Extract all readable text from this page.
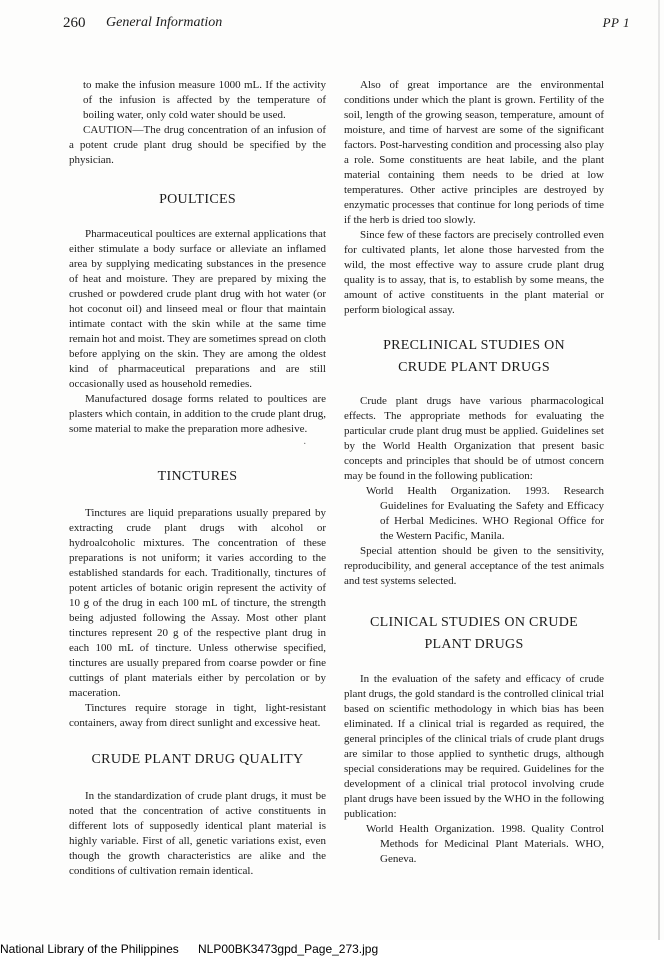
260 General Information	PP 1

to make the infusion measure 1000 mL. If the activity of the infusion is affected by the temperature of boiling water, only cold water should be used.

CAUTION—The drug concentration of an infusion of a potent crude plant drug should be specified by the physician.

POULTICES

Pharmaceutical poultices are external applications that either stimulate a body surface or alleviate an inflamed area by supplying medicating substances in the presence of heat and moisture. They are prepared by mixing the crushed or powdered crude plant drug with hot water (or hot coconut oil) and linseed meal or flour that maintain intimate contact with the skin while at the same time remain hot and moist. They are sometimes spread on cloth before applying on the skin. They are among the oldest kind of pharmaceutical preparations and are still occasionally used as household remedies.

Manufactured dosage forms related to poultices are plasters which contain, in addition to the crude plant drug, some material to make the preparation more adhesive.

.
TINCTURES

Tinctures are liquid preparations usually prepared by extracting crude plant drugs with alcohol or hydroalcoholic mixtures. The concentration of these preparations is not uniform; it varies according to the established standards for each. Traditionally, tinctures of potent articles of botanic origin represent the activity of 10 g of the drug in each 100 mL of tincture, the strength being adjusted following the Assay. Most other plant tinctures represent 20 g of the respective plant drug in each 100 mL of tincture. Unless otherwise specified, tinctures are usually prepared from coarse powder or fine cuttings of plant materials either by percolation or by maceration.

Tinctures require storage in tight, light-resistant containers, away from direct sunlight and excessive heat.

CRUDE PLANT DRUG QUALITY

In the standardization of crude plant drugs, it must be noted that the concentration of active constituents in different lots of supposedly identical plant material is highly variable. First of all, genetic variations exist, even though the growth characteristics are alike and the conditions of cultivation remain identical.

Also of great importance are the environmental conditions under which the plant is grown. Fertility of the soil, length of the growing season, temperature, amount of moisture, and time of harvest are some of the significant factors. Post-harvesting condition and processing also play a role. Some constituents are heat labile, and the plant material containing them needs to be dried at low temperatures. Other active principles are destroyed by enzymatic processes that continue for long periods of time if the herb is dried too slowly.

Since few of these factors are precisely controlled even for cultivated plants, let alone those harvested from the wild, the most effective way to assure crude plant drug quality is to assay, that is, to establish by some means, the amount of active constituents in the plant material or perform biological assay.

PRECLINICAL STUDIES ON
CRUDE PLANT DRUGS

Crude plant drugs have various pharmacological effects. The appropriate methods for evaluating the particular crude plant drug must be applied. Guidelines set by the World Health Organization that present basic concepts and principles that should be of utmost concern may be found in the following publication:

World Health Organization. 1993. Research Guidelines for Evaluating the Safety and Efficacy of Herbal Medicines. WHO Regional Office for the Western Pacific, Manila.

Special attention should be given to the sensitivity, reproducibility, and general acceptance of the test animals and test systems selected.

CLINICAL STUDIES ON CRUDE
PLANT DRUGS

In the evaluation of the safety and efficacy of crude plant drugs, the gold standard is the controlled clinical trial based on scientific methodology in which bias has been eliminated. If a clinical trial is regarded as required, the general principles of the clinical trials of crude plant drugs are similar to those applied to synthetic drugs, although special considerations may be required. Guidelines for the development of a clinical trial protocol involving crude plant drugs have been issued by the WHO in the following publication:

World Health Organization. 1998. Quality Control Methods for Medicinal Plant Materials. WHO, Geneva.

National Library of the Philippines NLP00BK3473gpd_Page_273.jpg
